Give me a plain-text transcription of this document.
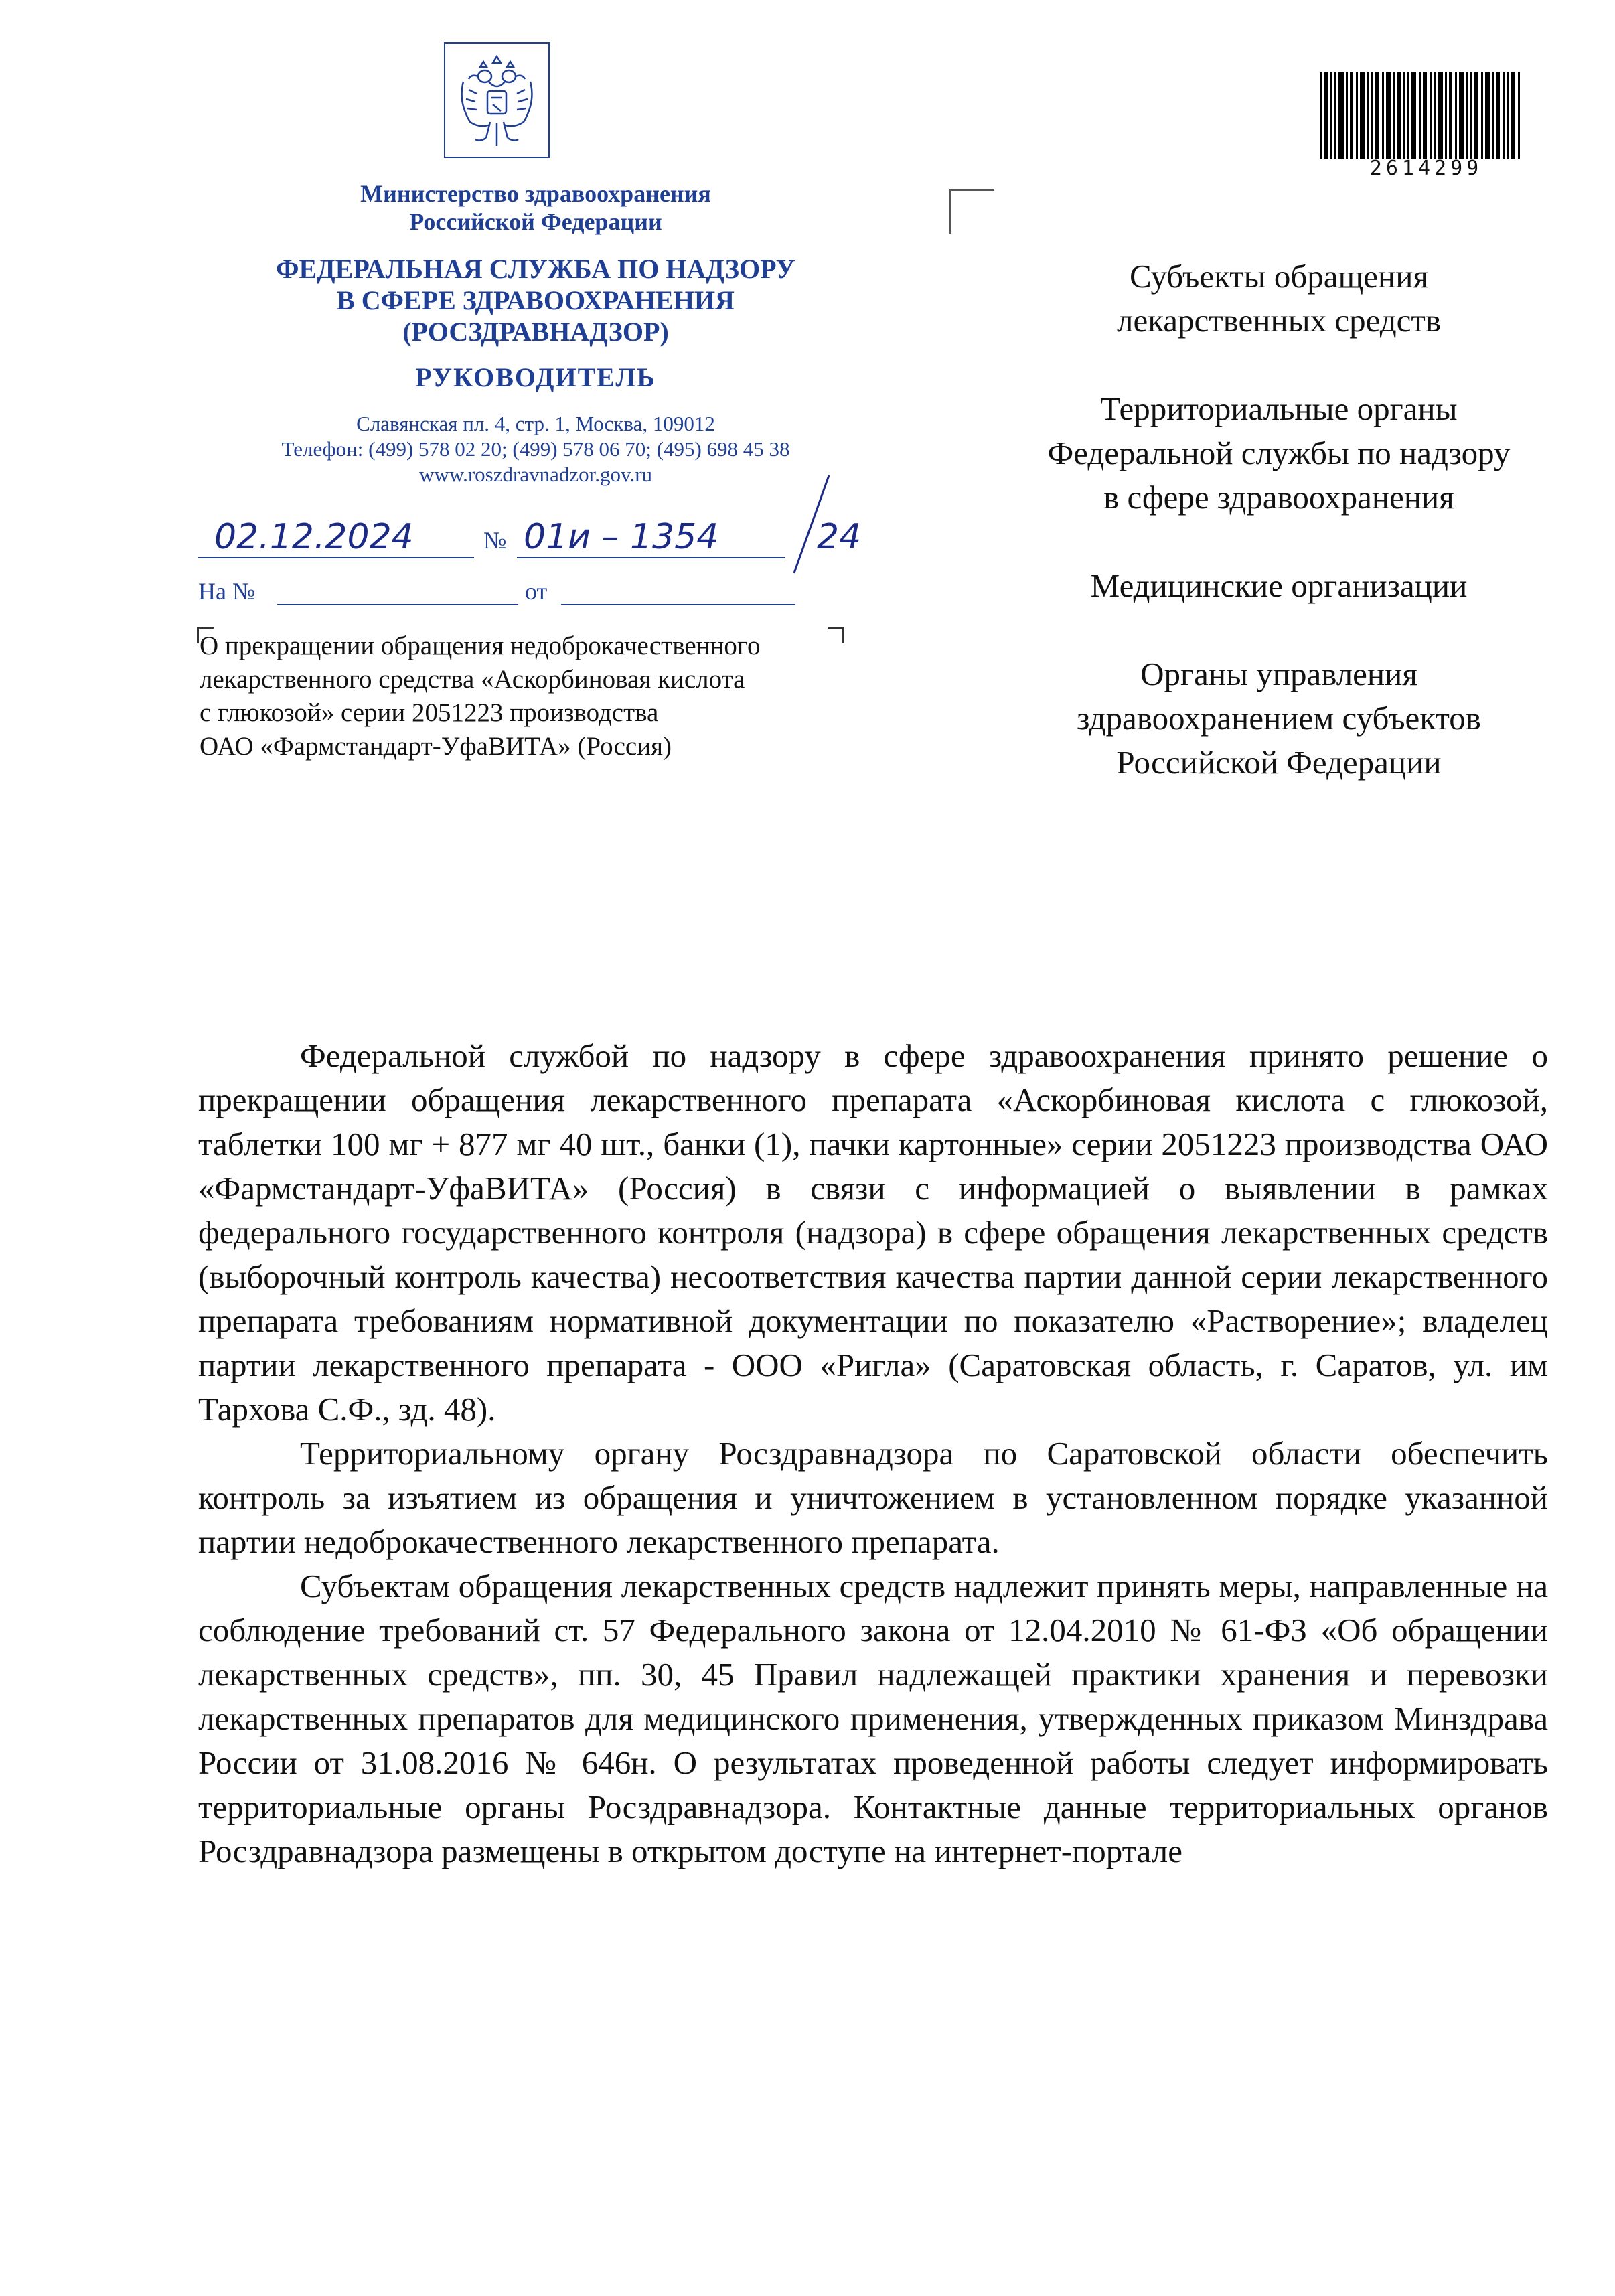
Министерство здравоохранения
Российской Федерации
ФЕДЕРАЛЬНАЯ СЛУЖБА ПО НАДЗОРУ
В СФЕРЕ ЗДРАВООХРАНЕНИЯ
(РОСЗДРАВНАДЗОР)
РУКОВОДИТЕЛЬ
Славянская пл. 4, стр. 1, Москва, 109012
Телефон: (499) 578 02 20; (499) 578 06 70; (495) 698 45 38
www.roszdravnadzor.gov.ru
02.12.2024	№ 01и – 1354	24
На №	от
О прекращении обращения недоброкачественного
лекарственного средства «Аскорбиновая кислота
с глюкозой» серии 2051223 производства
ОАО «Фармстандарт-УфаВИТА» (Россия)
2614299
Субъекты обращения
лекарственных средств
Территориальные органы
Федеральной службы по надзору
в сфере здравоохранения
Медицинские организации
Органы управления
здравоохранением субъектов
Российской Федерации

Федеральной службой по надзору в сфере здравоохранения принято решение о прекращении обращения лекарственного препарата «Аскорбиновая кислота с глюкозой, таблетки 100 мг + 877 мг 40 шт., банки (1), пачки картонные» серии 2051223 производства ОАО «Фармстандарт-УфаВИТА» (Россия) в связи с информацией о выявлении в рамках федерального государственного контроля (надзора) в сфере обращения лекарственных средств (выборочный контроль качества) несоответствия качества партии данной серии лекарственного препарата требованиям нормативной документации по показателю «Растворение»; владелец партии лекарственного препарата - ООО «Ригла» (Саратовская область, г. Саратов, ул. им Тархова С.Ф., зд. 48).

Территориальному органу Росздравнадзора по Саратовской области обеспечить контроль за изъятием из обращения и уничтожением в установленном порядке указанной партии недоброкачественного лекарственного препарата.

Субъектам обращения лекарственных средств надлежит принять меры, направленные на соблюдение требований ст. 57 Федерального закона от 12.04.2010 № 61-ФЗ «Об обращении лекарственных средств», пп. 30, 45 Правил надлежащей практики хранения и перевозки лекарственных препаратов для медицинского применения, утвержденных приказом Минздрава России от 31.08.2016 № 646н. О результатах проведенной работы следует информировать территориальные органы Росздравнадзора. Контактные данные территориальных органов Росздравнадзора размещены в открытом доступе на интернет-портале
